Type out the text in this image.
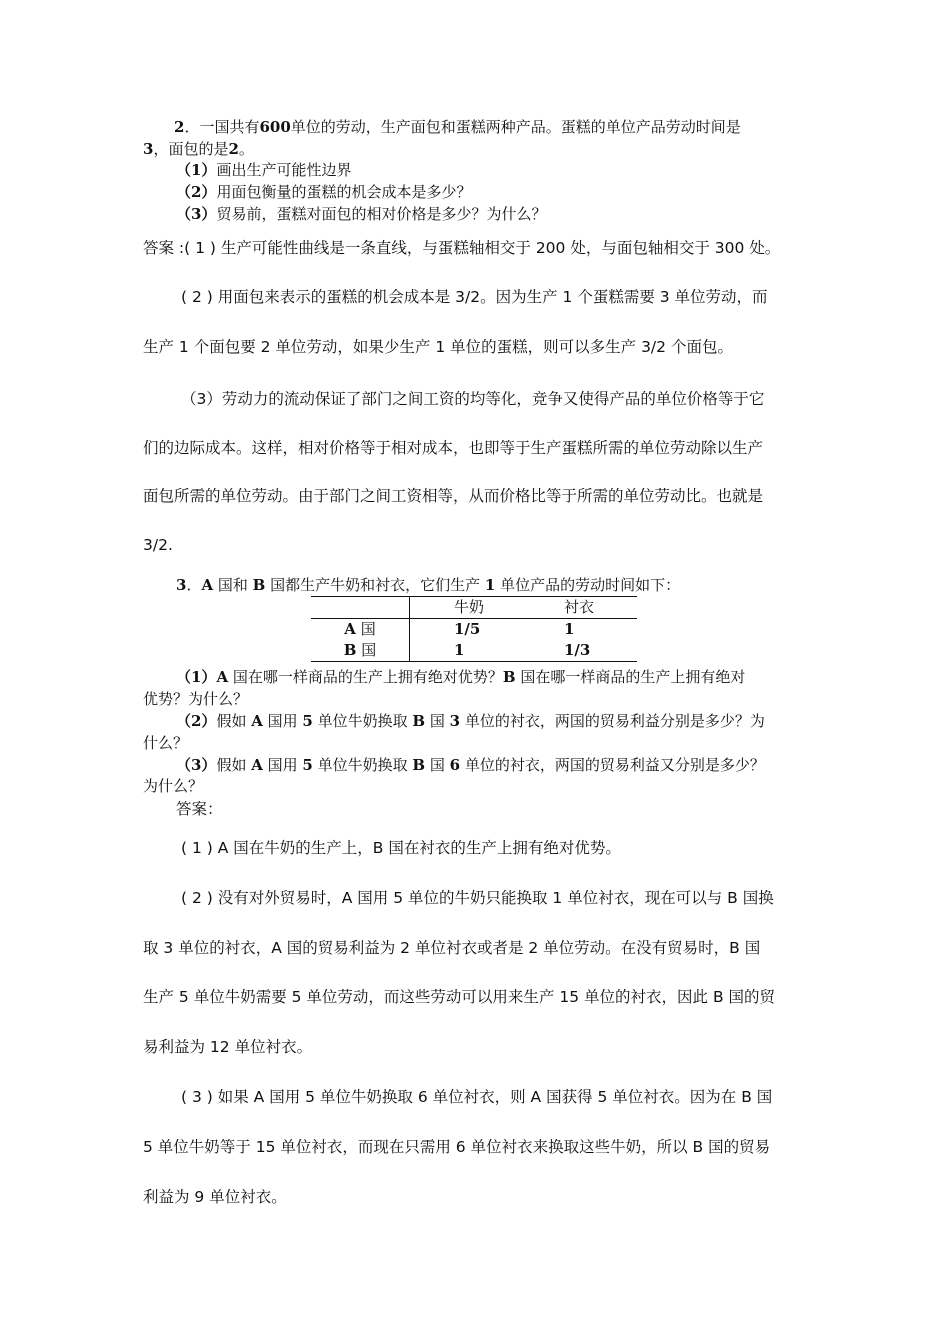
2．一国共有600单位的劳动，生产面包和蛋糕两种产品。蛋糕的单位产品劳动时间是
3，面包的是2。
（1）画出生产可能性边界
（2）用面包衡量的蛋糕的机会成本是多少？
（3）贸易前，蛋糕对面包的相对价格是多少？为什么？
答案 :( 1 ) 生产可能性曲线是一条直线，与蛋糕轴相交于 200 处，与面包轴相交于 300 处。
( 2 ) 用面包来表示的蛋糕的机会成本是 3/2。因为生产 1 个蛋糕需要 3 单位劳动，而
生产 1 个面包要 2 单位劳动，如果少生产 1 单位的蛋糕，则可以多生产 3/2 个面包。
（3）劳动力的流动保证了部门之间工资的均等化，竞争又使得产品的单位价格等于它
们的边际成本。这样，相对价格等于相对成本，也即等于生产蛋糕所需的单位劳动除以生产
面包所需的单位劳动。由于部门之间工资相等，从而价格比等于所需的单位劳动比。也就是
3/2.
3．A 国和 B 国都生产牛奶和衬衣，它们生产 1 单位产品的劳动时间如下：
	牛奶	衬衣
A 国	1/5	1
B 国	1	1/3
（1）A 国在哪一样商品的生产上拥有绝对优势？B 国在哪一样商品的生产上拥有绝对
优势？为什么？
（2）假如 A 国用 5 单位牛奶换取 B 国 3 单位的衬衣，两国的贸易利益分别是多少？为
什么？
（3）假如 A 国用 5 单位牛奶换取 B 国 6 单位的衬衣，两国的贸易利益又分别是多少？
为什么？
答案：
( 1 ) A 国在牛奶的生产上，B 国在衬衣的生产上拥有绝对优势。
( 2 ) 没有对外贸易时，A 国用 5 单位的牛奶只能换取 1 单位衬衣，现在可以与 B 国换
取 3 单位的衬衣，A 国的贸易利益为 2 单位衬衣或者是 2 单位劳动。在没有贸易时，B 国
生产 5 单位牛奶需要 5 单位劳动，而这些劳动可以用来生产 15 单位的衬衣，因此 B 国的贸
易利益为 12 单位衬衣。
( 3 ) 如果 A 国用 5 单位牛奶换取 6 单位衬衣，则 A 国获得 5 单位衬衣。因为在 B 国
5 单位牛奶等于 15 单位衬衣，而现在只需用 6 单位衬衣来换取这些牛奶，所以 B 国的贸易
利益为 9 单位衬衣。
